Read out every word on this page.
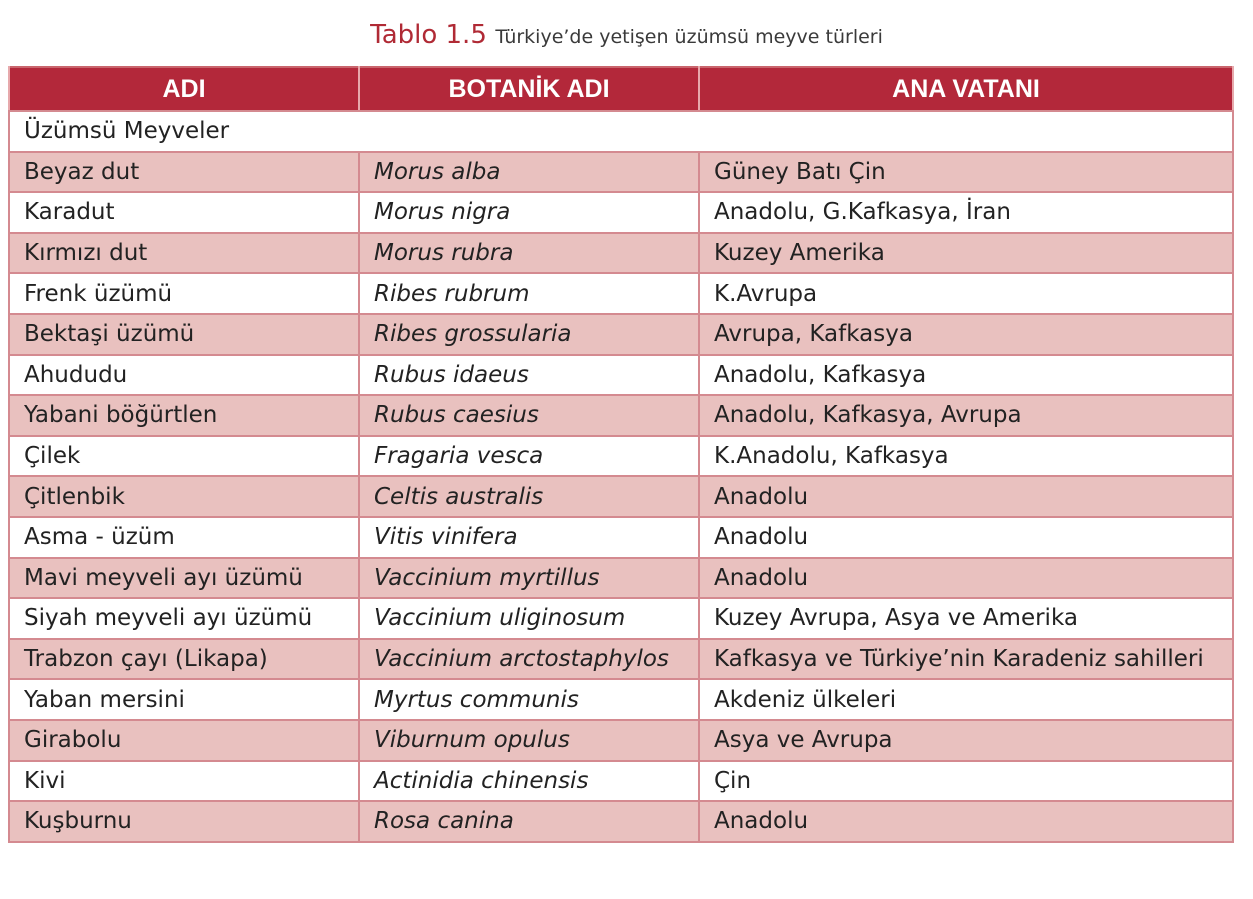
Tablo 1.5 Türkiye’de yetişen üzümsü meyve türleri
ADI	BOTANİK ADI	ANA VATANI
Üzümsü Meyveler		
Beyaz dut	Morus alba	Güney Batı Çin
Karadut	Morus nigra	Anadolu, G.Kafkasya, İran
Kırmızı dut	Morus rubra	Kuzey Amerika
Frenk üzümü	Ribes rubrum	K.Avrupa
Bektaşi üzümü	Ribes grossularia	Avrupa, Kafkasya
Ahududu	Rubus idaeus	Anadolu, Kafkasya
Yabani böğürtlen	Rubus caesius	Anadolu, Kafkasya, Avrupa
Çilek	Fragaria vesca	K.Anadolu, Kafkasya
Çitlenbik	Celtis australis	Anadolu
Asma - üzüm	Vitis vinifera	Anadolu
Mavi meyveli ayı üzümü	Vaccinium myrtillus	Anadolu
Siyah meyveli ayı üzümü	Vaccinium uliginosum	Kuzey Avrupa, Asya ve Amerika
Trabzon çayı (Likapa)	Vaccinium arctostaphylos	Kafkasya ve Türkiye’nin Karadeniz sahilleri
Yaban mersini	Myrtus communis	Akdeniz ülkeleri
Girabolu	Viburnum opulus	Asya ve Avrupa
Kivi	Actinidia chinensis	Çin
Kuşburnu	Rosa canina	Anadolu
